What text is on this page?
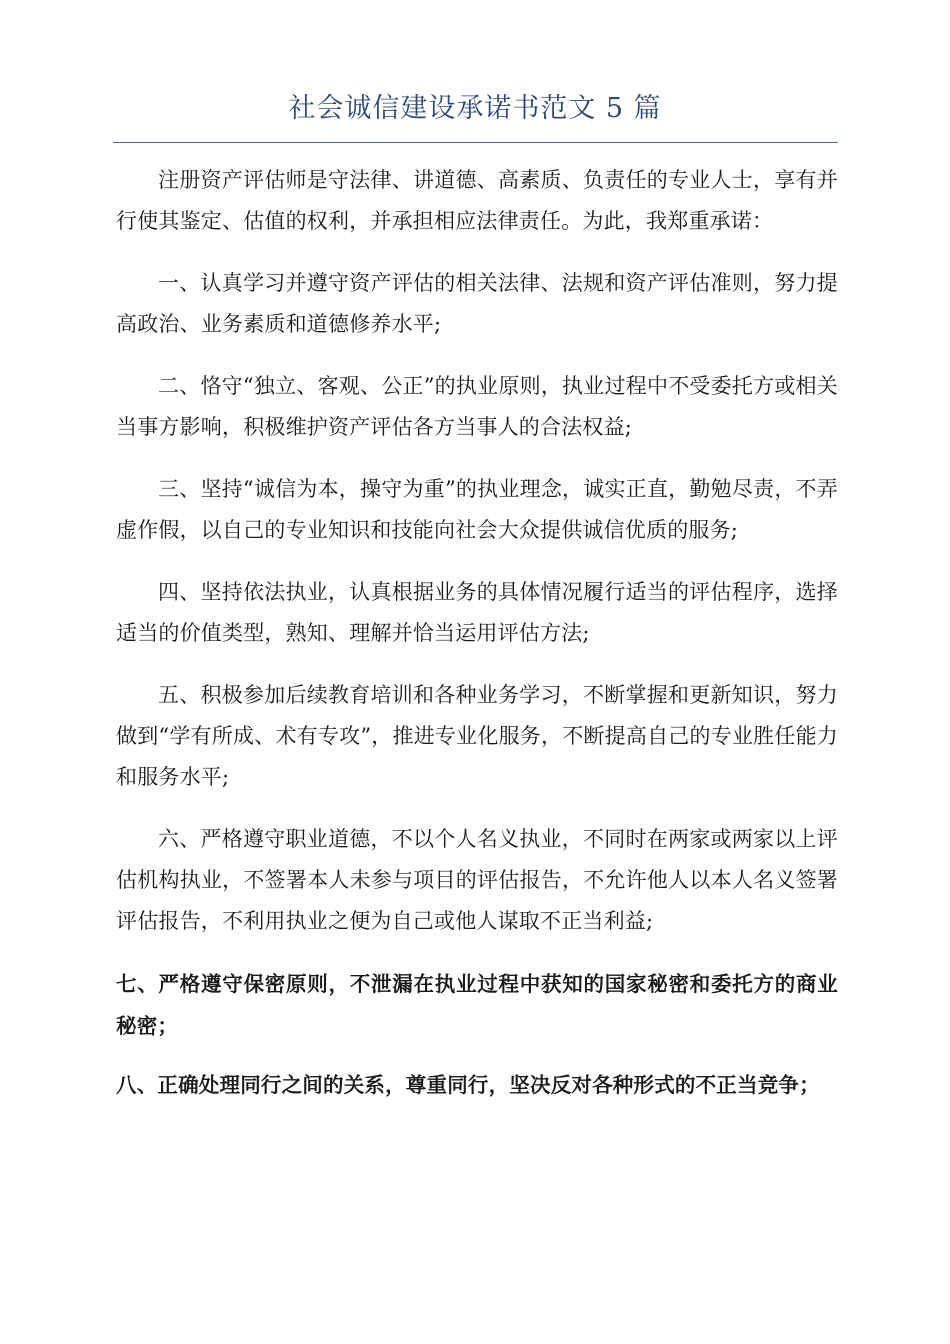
社会诚信建设承诺书范文 5 篇

注册资产评估师是守法律、讲道德、高素质、负责任的专业人士，享有并行使其鉴定、估值的权利，并承担相应法律责任。为此，我郑重承诺：

一、认真学习并遵守资产评估的相关法律、法规和资产评估准则，努力提高政治、业务素质和道德修养水平;

二、恪守“独立、客观、公正”的执业原则，执业过程中不受委托方或相关当事方影响，积极维护资产评估各方当事人的合法权益;

三、坚持“诚信为本，操守为重”的执业理念，诚实正直，勤勉尽责，不弄虚作假，以自己的专业知识和技能向社会大众提供诚信优质的服务;

四、坚持依法执业，认真根据业务的具体情况履行适当的评估程序，选择适当的价值类型，熟知、理解并恰当运用评估方法;

五、积极参加后续教育培训和各种业务学习，不断掌握和更新知识，努力做到“学有所成、术有专攻”，推进专业化服务，不断提高自己的专业胜任能力和服务水平;

六、严格遵守职业道德，不以个人名义执业，不同时在两家或两家以上评估机构执业，不签署本人未参与项目的评估报告，不允许他人以本人名义签署评估报告，不利用执业之便为自己或他人谋取不正当利益;

七、严格遵守保密原则，不泄漏在执业过程中获知的国家秘密和委托方的商业秘密；

八、正确处理同行之间的关系，尊重同行，坚决反对各种形式的不正当竞争；
